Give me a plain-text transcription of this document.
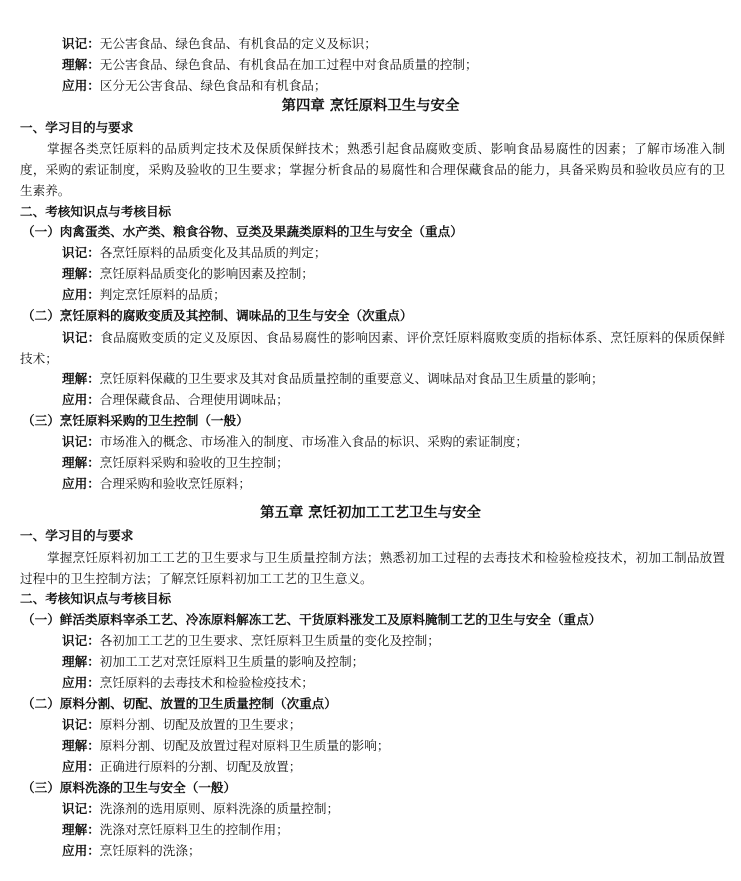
识记：无公害食品、绿色食品、有机食品的定义及标识；
理解：无公害食品、绿色食品、有机食品在加工过程中对食品质量的控制；
应用：区分无公害食品、绿色食品和有机食品；
第四章 烹饪原料卫生与安全
一、学习目的与要求
掌握各类烹饪原料的品质判定技术及保质保鲜技术；熟悉引起食品腐败变质、影响食品易腐性的因素；了解市场准入制度，采购的索证制度，采购及验收的卫生要求；掌握分析食品的易腐性和合理保藏食品的能力，具备采购员和验收员应有的卫生素养。
二、考核知识点与考核目标
（一）肉禽蛋类、水产类、粮食谷物、豆类及果蔬类原料的卫生与安全（重点）
识记：各烹饪原料的品质变化及其品质的判定；
理解：烹饪原料品质变化的影响因素及控制；
应用：判定烹饪原料的品质；
（二）烹饪原料的腐败变质及其控制、调味品的卫生与安全（次重点）
识记：食品腐败变质的定义及原因、食品易腐性的影响因素、评价烹饪原料腐败变质的指标体系、烹饪原料的保质保鲜技术；
理解：烹饪原料保藏的卫生要求及其对食品质量控制的重要意义、调味品对食品卫生质量的影响；
应用：合理保藏食品、合理使用调味品；
（三）烹饪原料采购的卫生控制（一般）
识记：市场准入的概念、市场准入的制度、市场准入食品的标识、采购的索证制度；
理解：烹饪原料采购和验收的卫生控制；
应用：合理采购和验收烹饪原料；
第五章 烹饪初加工工艺卫生与安全
一、学习目的与要求
掌握烹饪原料初加工工艺的卫生要求与卫生质量控制方法；熟悉初加工过程的去毒技术和检验检疫技术，初加工制品放置过程中的卫生控制方法；了解烹饪原料初加工工艺的卫生意义。
二、考核知识点与考核目标
（一）鲜活类原料宰杀工艺、冷冻原料解冻工艺、干货原料涨发工及原料腌制工艺的卫生与安全（重点）
识记：各初加工工艺的卫生要求、烹饪原料卫生质量的变化及控制；
理解：初加工工艺对烹饪原料卫生质量的影响及控制；
应用：烹饪原料的去毒技术和检验检疫技术；
（二）原料分割、切配、放置的卫生质量控制（次重点）
识记：原料分割、切配及放置的卫生要求；
理解：原料分割、切配及放置过程对原料卫生质量的影响；
应用：正确进行原料的分割、切配及放置；
（三）原料洗涤的卫生与安全（一般）
识记：洗涤剂的选用原则、原料洗涤的质量控制；
理解：洗涤对烹饪原料卫生的控制作用；
应用：烹饪原料的洗涤；
